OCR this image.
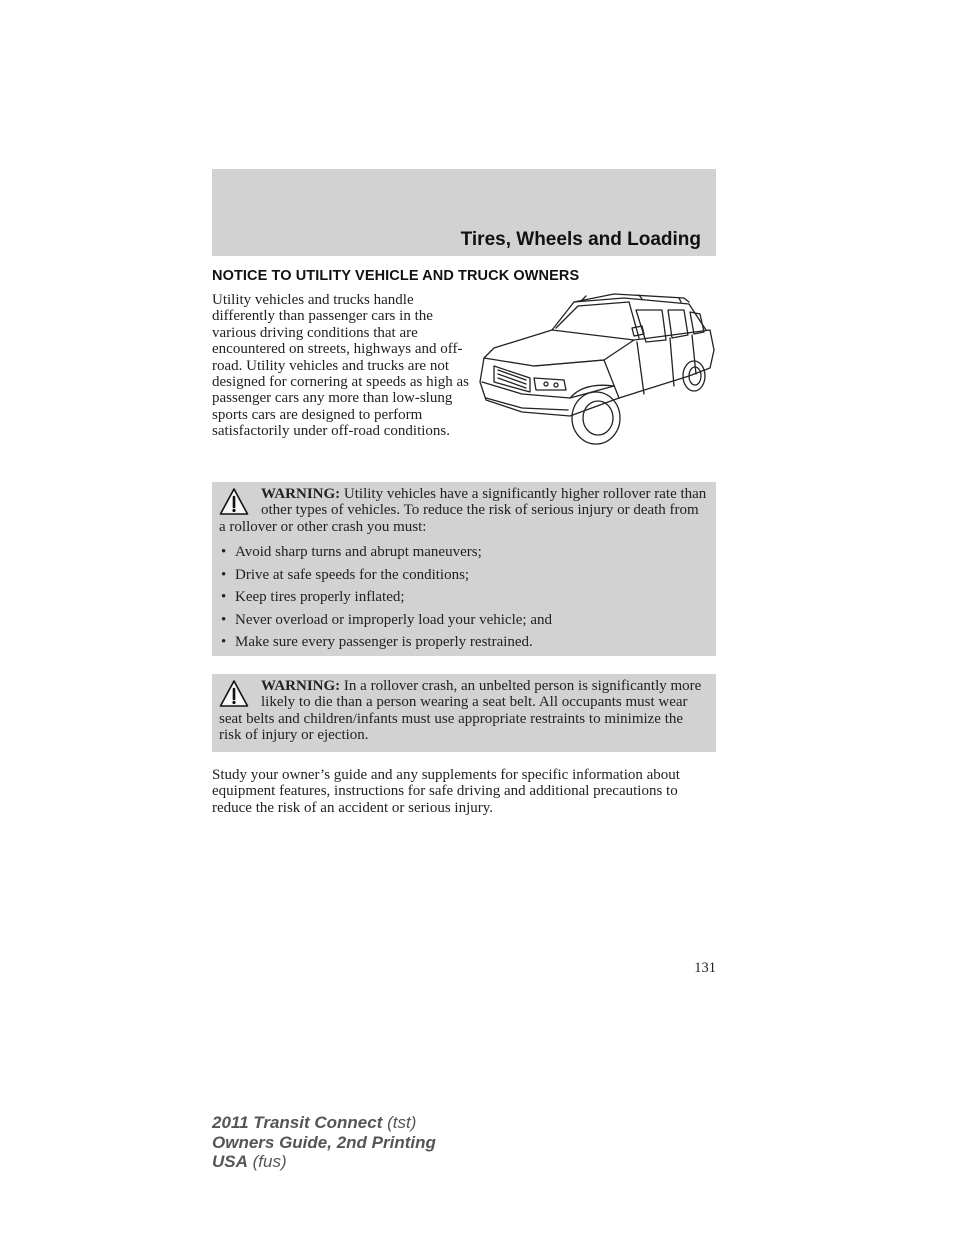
Tires, Wheels and Loading
NOTICE TO UTILITY VEHICLE AND TRUCK OWNERS
Utility vehicles and trucks handle differently than passenger cars in the various driving conditions that are encountered on streets, highways and off-road. Utility vehicles and trucks are not designed for cornering at speeds as high as passenger cars any more than low-slung sports cars are designed to perform satisfactorily under off-road conditions.
WARNING: Utility vehicles have a significantly higher rollover rate than other types of vehicles. To reduce the risk of serious injury or death from a rollover or other crash you must:
• Avoid sharp turns and abrupt maneuvers;
• Drive at safe speeds for the conditions;
• Keep tires properly inflated;
• Never overload or improperly load your vehicle; and
• Make sure every passenger is properly restrained.
WARNING: In a rollover crash, an unbelted person is significantly more likely to die than a person wearing a seat belt. All occupants must wear seat belts and children/infants must use appropriate restraints to minimize the risk of injury or ejection.
Study your owner’s guide and any supplements for specific information about equipment features, instructions for safe driving and additional precautions to reduce the risk of an accident or serious injury.
131
2011 Transit Connect (tst)
Owners Guide, 2nd Printing
USA (fus)
